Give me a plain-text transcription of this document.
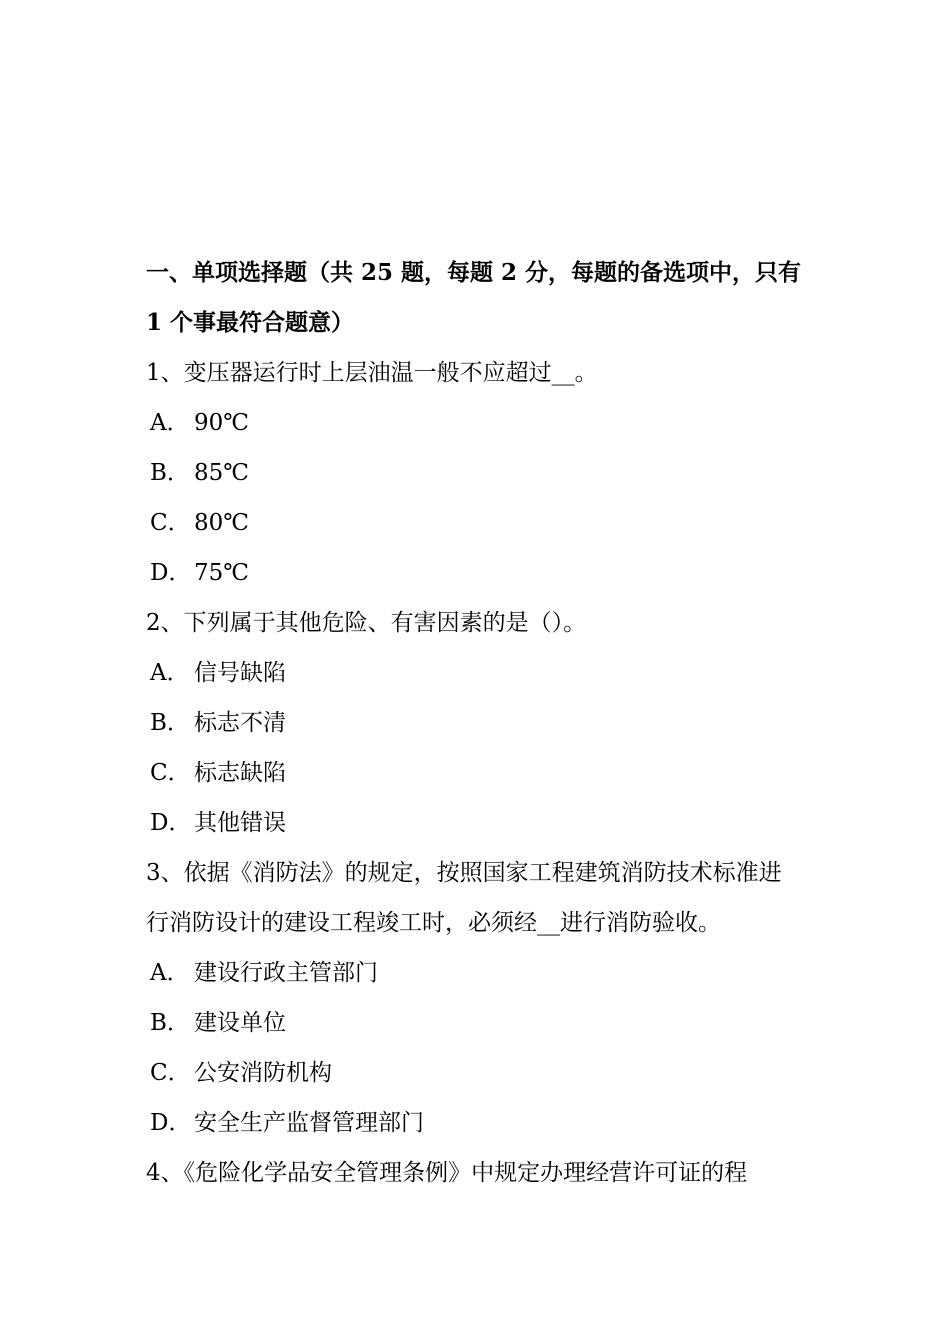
一、单项选择题（共 25 题，每题 2 分，每题的备选项中，只有

1 个事最符合题意）

1、变压器运行时上层油温一般不应超过__。

A． 90℃

B． 85℃

C． 80℃

D． 75℃

2、下列属于其他危险、有害因素的是（）。

A． 信号缺陷

B． 标志不清

C． 标志缺陷

D． 其他错误

3、依据《消防法》的规定，按照国家工程建筑消防技术标准进

行消防设计的建设工程竣工时，必须经__进行消防验收。

A． 建设行政主管部门

B． 建设单位

C． 公安消防机构

D． 安全生产监督管理部门

4、《危险化学品安全管理条例》中规定办理经营许可证的程
